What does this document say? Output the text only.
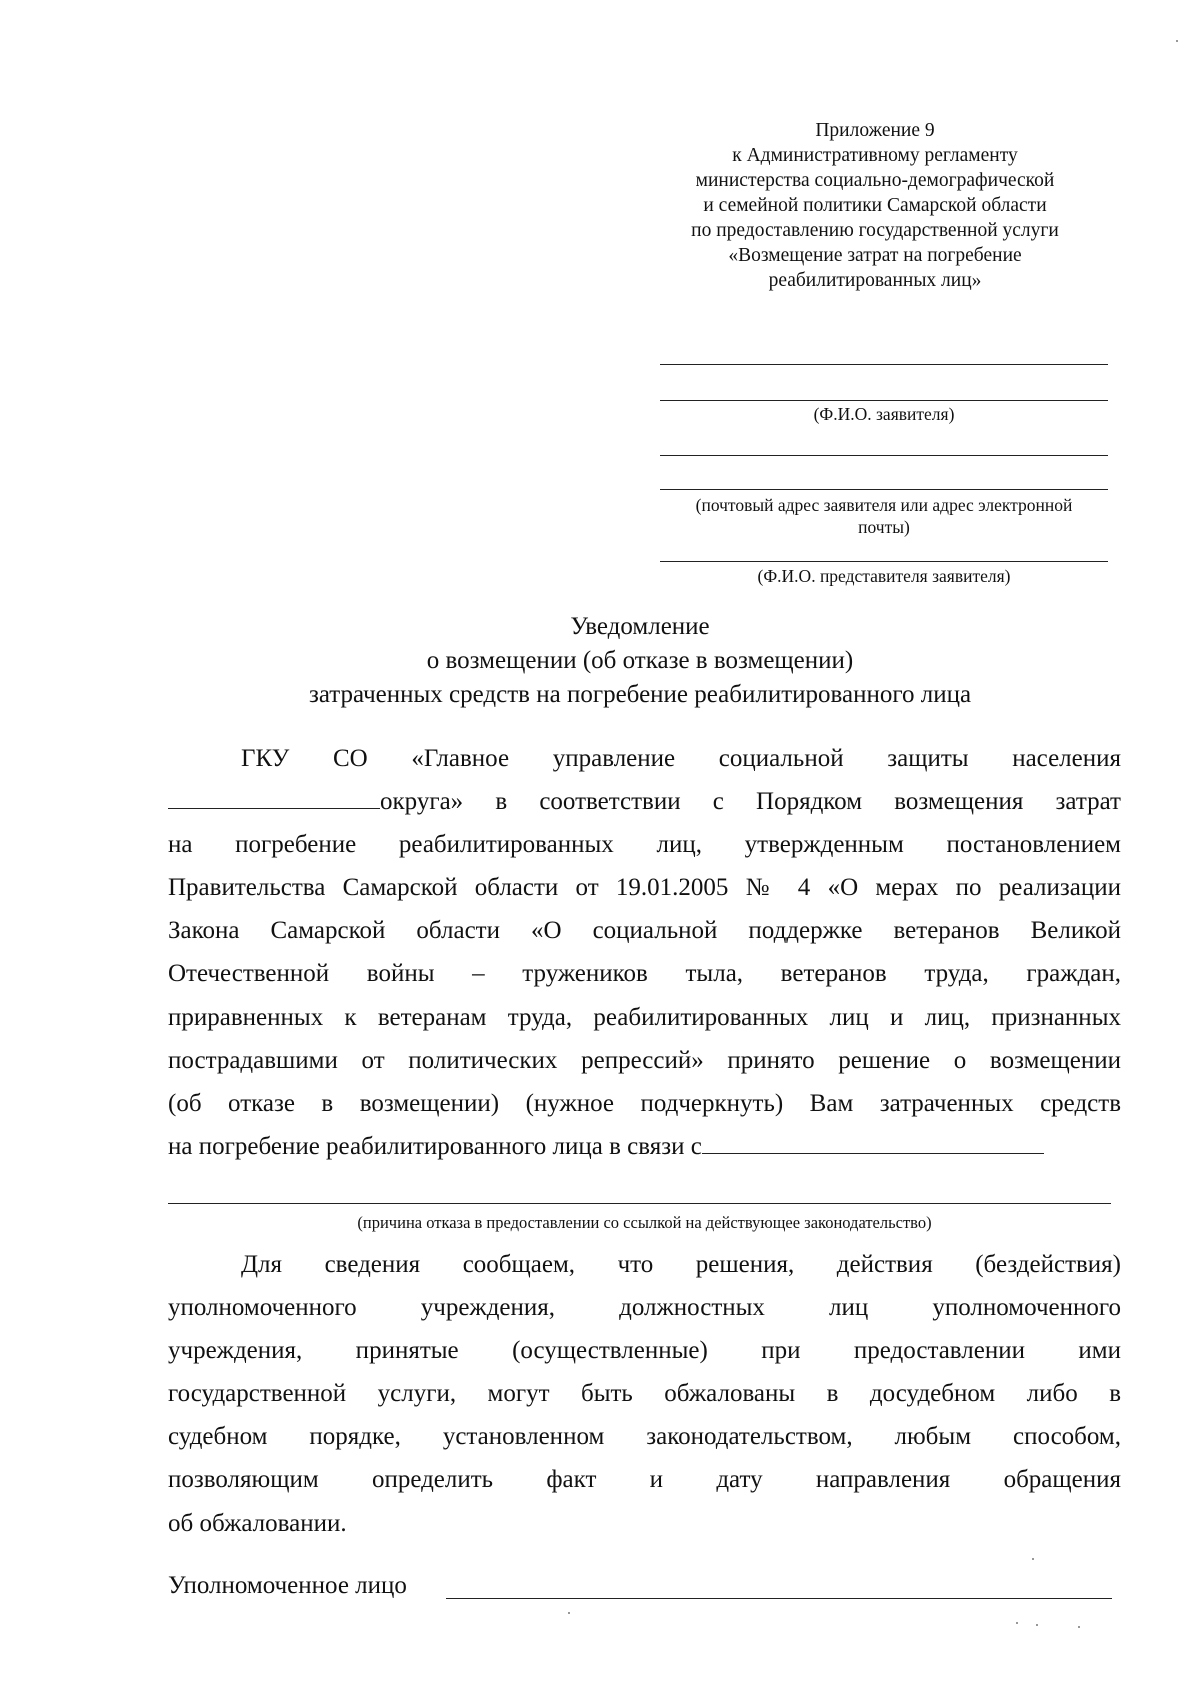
Приложение 9
к Административному регламенту
министерства социально-демографической
и семейной политики Самарской области
по предоставлению государственной услуги
«Возмещение затрат на погребение
реабилитированных лиц»
(Ф.И.О. заявителя)
(почтовый адрес заявителя или адрес электронной
почты)
(Ф.И.О. представителя заявителя)
Уведомление
о возмещении (об отказе в возмещении)
затраченных средств на погребение реабилитированного лица
ГКУ СО «Главное управление социальной защиты населения
округа» в соответствии с Порядком возмещения затрат
на погребение реабилитированных лиц, утвержденным постановлением
Правительства Самарской области от 19.01.2005 № 4 «О мерах по реализации
Закона Самарской области «О социальной поддержке ветеранов Великой
Отечественной войны – тружеников тыла, ветеранов труда, граждан,
приравненных к ветеранам труда, реабилитированных лиц и лиц, признанных
пострадавшими от политических репрессий» принято решение о возмещении
(об отказе в возмещении) (нужное подчеркнуть) Вам затраченных средств
на погребение реабилитированного лица в связи с
(причина отказа в предоставлении со ссылкой на действующее законодательство)
Для сведения сообщаем, что решения, действия (бездействия)
уполномоченного учреждения, должностных лиц уполномоченного
учреждения, принятые (осуществленные) при предоставлении ими
государственной услуги, могут быть обжалованы в досудебном либо в
судебном порядке, установленном законодательством, любым способом,
позволяющим определить факт и дату направления обращения
об обжаловании.
Уполномоченное лицо
